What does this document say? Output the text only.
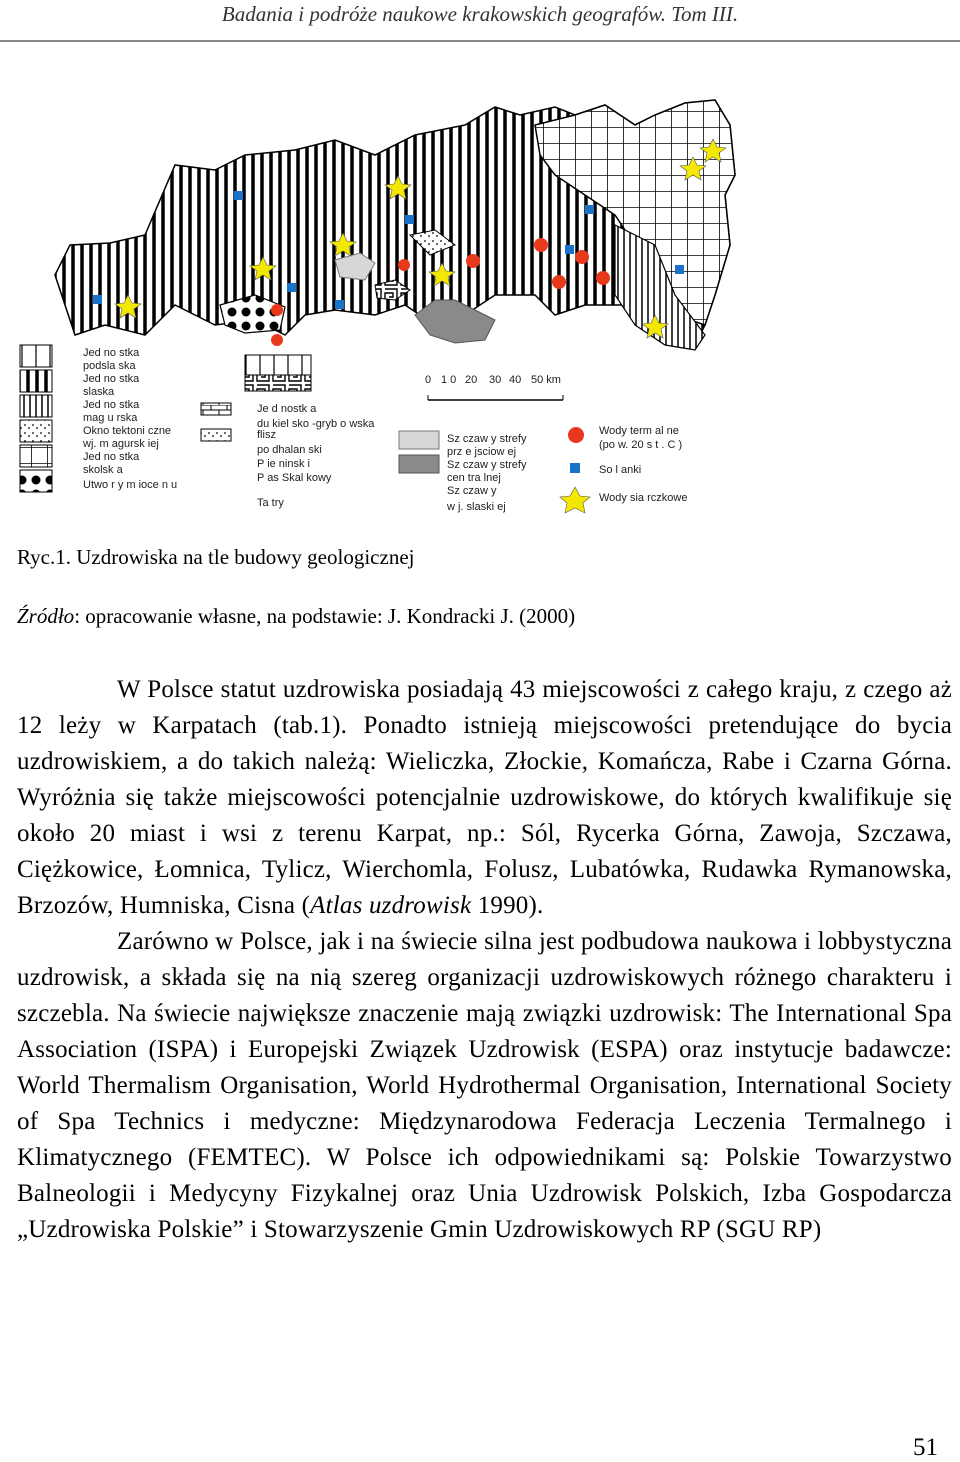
Badania i podróże naukowe krakowskich geografów. Tom III.
Jed no stka
podsla ska
Jed no stka
slaska
Jed no stka
mag u rska
Okno tektoni czne
wj. m agursk iej
Jed no stka
skolsk a
Utwo r y m ioce n u
Je d nostk a
du kiel sko -gryb o wska
flisz
po dhalan ski
P ie ninsk i
P as Skal kowy
Ta try
0 1 0 20 30 40 50 km
Sz czaw y strefy
prz e jsciow ej
Sz czaw y strefy
cen tra lnej
Sz czaw y
w j. slaski ej
Wody term al ne
(po w. 20 s t . C )
So l anki
Wody sia rczkowe
Ryc.1. Uzdrowiska na tle budowy geologicznej
Źródło: opracowanie własne, na podstawie: J. Kondracki J. (2000)

W Polsce statut uzdrowiska posiadają 43 miejscowości z całego kraju, z czego aż 12 leży w Karpatach (tab.1). Ponadto istnieją miejscowości pretendujące do bycia uzdrowiskiem, a do takich należą: Wieliczka, Złockie, Komańcza, Rabe i Czarna Górna. Wyróżnia się także miejscowości potencjalnie uzdrowiskowe, do których kwalifikuje się około 20 miast i wsi z terenu Karpat, np.: Sól, Rycerka Górna, Zawoja, Szczawa, Ciężkowice, Łomnica, Tylicz, Wierchomla, Folusz, Lubatówka, Rudawka Rymanowska, Brzozów, Humniska, Cisna (Atlas uzdrowisk 1990).

Zarówno w Polsce, jak i na świecie silna jest podbudowa naukowa i lobbystyczna uzdrowisk, a składa się na nią szereg organizacji uzdrowiskowych różnego charakteru i szczebla. Na świecie największe znaczenie mają związki uzdrowisk: The International Spa Association (ISPA) i Europejski Związek Uzdrowisk (ESPA) oraz instytucje badawcze: World Thermalism Organisation, World Hydrothermal Organisation, International Society of Spa Technics i medyczne: Międzynarodowa Federacja Leczenia Termalnego i Klimatycznego (FEMTEC). W Polsce ich odpowiednikami są: Polskie Towarzystwo Balneologii i Medycyny Fizykalnej oraz Unia Uzdrowisk Polskich, Izba Gospodarcza „Uzdrowiska Polskie” i Stowarzyszenie Gmin Uzdrowiskowych RP (SGU RP)

51
